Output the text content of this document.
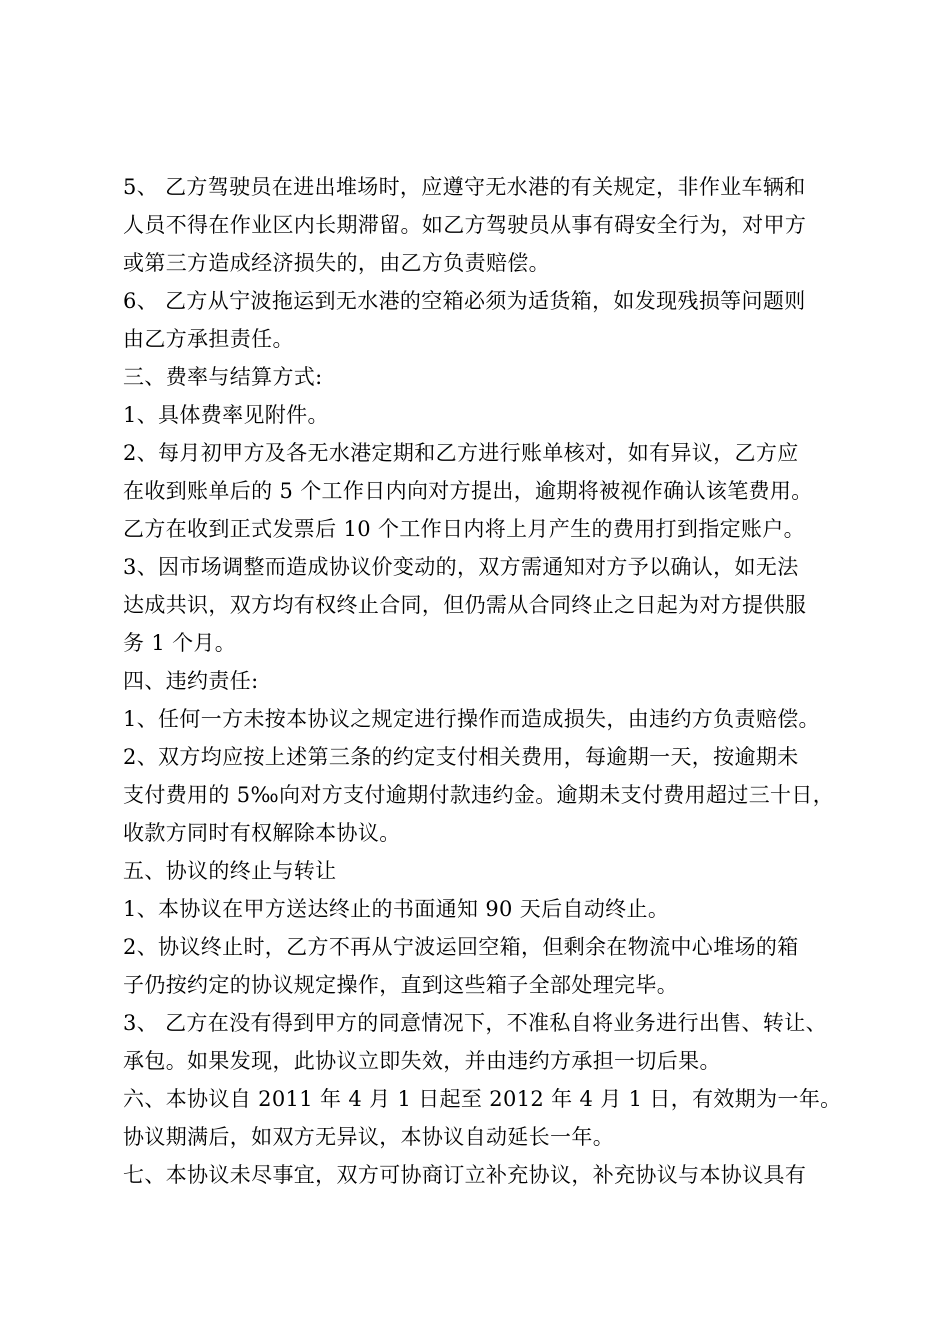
5、 乙方驾驶员在进出堆场时，应遵守无水港的有关规定，非作业车辆和
人员不得在作业区内长期滞留。如乙方驾驶员从事有碍安全行为，对甲方
或第三方造成经济损失的，由乙方负责赔偿。
6、 乙方从宁波拖运到无水港的空箱必须为适货箱，如发现残损等问题则
由乙方承担责任。
三、费率与结算方式:
1、具体费率见附件。
2、每月初甲方及各无水港定期和乙方进行账单核对，如有异议，乙方应
在收到账单后的 5 个工作日内向对方提出，逾期将被视作确认该笔费用。
乙方在收到正式发票后 10 个工作日内将上月产生的费用打到指定账户。
3、因市场调整而造成协议价变动的，双方需通知对方予以确认，如无法
达成共识，双方均有权终止合同，但仍需从合同终止之日起为对方提供服
务 1 个月。
四、违约责任:
1、任何一方未按本协议之规定进行操作而造成损失，由违约方负责赔偿。
2、双方均应按上述第三条的约定支付相关费用，每逾期一天，按逾期未
支付费用的 5‰向对方支付逾期付款违约金。逾期未支付费用超过三十日，
收款方同时有权解除本协议。
五、协议的终止与转让
1、本协议在甲方送达终止的书面通知 90 天后自动终止。
2、协议终止时，乙方不再从宁波运回空箱，但剩余在物流中心堆场的箱
子仍按约定的协议规定操作，直到这些箱子全部处理完毕。
3、 乙方在没有得到甲方的同意情况下，不准私自将业务进行出售、转让、
承包。如果发现，此协议立即失效，并由违约方承担一切后果。
六、本协议自 2011 年 4 月 1 日起至 2012 年 4 月 1 日，有效期为一年。
协议期满后，如双方无异议，本协议自动延长一年。
七、本协议未尽事宜，双方可协商订立补充协议，补充协议与本协议具有
